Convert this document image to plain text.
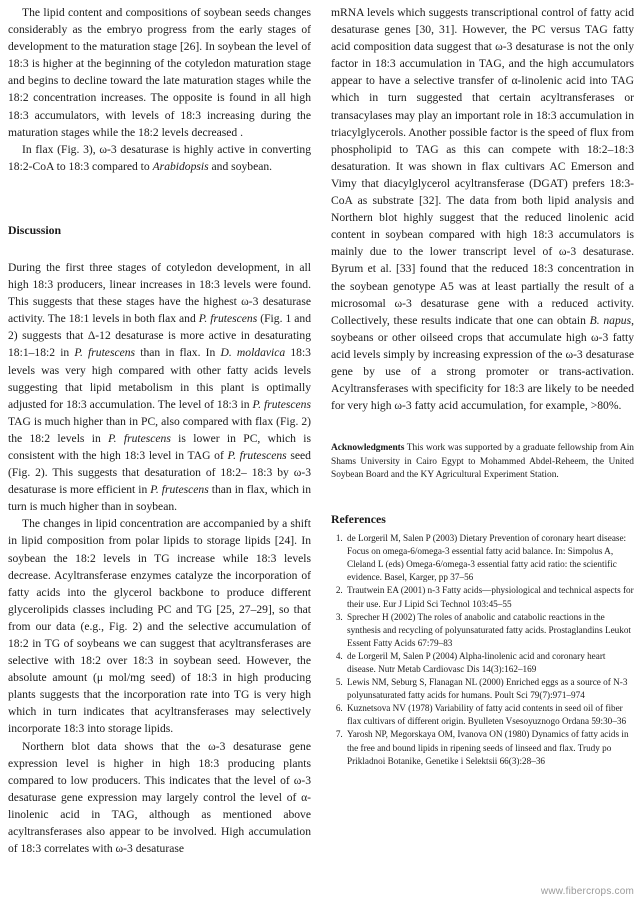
The lipid content and compositions of soybean seeds changes considerably as the embryo progress from the early stages of development to the maturation stage [26]. In soybean the level of 18:3 is higher at the beginning of the cotyledon maturation stage and begins to decline toward the late maturation stages while the 18:2 concentration increases. The opposite is found in all high 18:3 accumulators, with levels of 18:3 increasing during the maturation stages while the 18:2 levels decreased .

In flax (Fig. 3), ω-3 desaturase is highly active in converting 18:2-CoA to 18:3 compared to Arabidopsis and soybean.

Discussion

During the first three stages of cotyledon development, in all high 18:3 producers, linear increases in 18:3 levels were found. This suggests that these stages have the highest ω-3 desaturase activity. The 18:1 levels in both flax and P. frutescens (Fig. 1 and 2) suggests that Δ-12 desaturase is more active in desaturating 18:1–18:2 in P. frutescens than in flax. In D. moldavica 18:3 levels was very high compared with other fatty acids levels suggesting that lipid metabolism in this plant is optimally adjusted for 18:3 accumulation. The level of 18:3 in P. frutescens TAG is much higher than in PC, also compared with flax (Fig. 2) the 18:2 levels in P. frutescens is lower in PC, which is consistent with the high 18:3 level in TAG of P. frutescens seed (Fig. 2). This suggests that desaturation of 18:2– 18:3 by ω-3 desaturase is more efficient in P. frutescens than in flax, which in turn is much higher than in soybean.

The changes in lipid concentration are accompanied by a shift in lipid composition from polar lipids to storage lipids [24]. In soybean the 18:2 levels in TG increase while 18:3 levels decrease. Acyltransferase enzymes catalyze the incorporation of fatty acids into the glycerol backbone to produce different glycerolipids classes including PC and TG [25, 27–29], so that from our data (e.g., Fig. 2) and the selective accumulation of 18:2 in TG of soybeans we can suggest that acyltransferases are selective with 18:2 over 18:3 in soybean seed. However, the absolute amount (μ mol/mg seed) of 18:3 in high producing plants suggests that the incorporation rate into TG is very high which in turn indicates that acyltransferases may selectively incorporate 18:3 into storage lipids.

Northern blot data shows that the ω-3 desaturase gene expression level is higher in high 18:3 producing plants compared to low producers. This indicates that the level of ω-3 desaturase gene expression may largely control the level of α-linolenic acid in TAG, although as mentioned above acyltransferases also appear to be involved. High accumulation of 18:3 correlates with ω-3 desaturase

mRNA levels which suggests transcriptional control of fatty acid desaturase genes [30, 31]. However, the PC versus TAG fatty acid composition data suggest that ω-3 desaturase is not the only factor in 18:3 accumulation in TAG, and the high accumulators appear to have a selective transfer of α-linolenic acid into TAG which in turn suggested that certain acyltransferases or transacylases may play an important role in 18:3 accumulation in triacylglycerols. Another possible factor is the speed of flux from phospholipid to TAG as this can compete with 18:2–18:3 desaturation. It was shown in flax cultivars AC Emerson and Vimy that diacylglycerol acyltransferase (DGAT) prefers 18:3-CoA as substrate [32]. The data from both lipid analysis and Northern blot highly suggest that the reduced linolenic acid content in soybean compared with high 18:3 accumulators is mainly due to the lower transcript level of ω-3 desaturase. Byrum et al. [33] found that the reduced 18:3 concentration in the soybean genotype A5 was at least partially the result of a microsomal ω-3 desaturase gene with a reduced activity. Collectively, these results indicate that one can obtain B. napus, soybeans or other oilseed crops that accumulate high ω-3 fatty acid levels simply by increasing expression of the ω-3 desaturase gene by use of a strong promoter or trans-activation. Acyltransferases with specificity for 18:3 are likely to be needed for very high ω-3 fatty acid accumulation, for example, >80%.

Acknowledgments This work was supported by a graduate fellowship from Ain Shams University in Cairo Egypt to Mohammed Abdel-Reheem, the United Soybean Board and the KY Agricultural Experiment Station.

References
1. de Lorgeril M, Salen P (2003) Dietary Prevention of coronary heart disease: Focus on omega-6/omega-3 essential fatty acid balance. In: Simpolus A, Cleland L (eds) Omega-6/omega-3 essential fatty acid ratio: the scientific evidence. Basel, Karger, pp 37–56
2. Trautwein EA (2001) n-3 Fatty acids—physiological and technical aspects for their use. Eur J Lipid Sci Technol 103:45–55
3. Sprecher H (2002) The roles of anabolic and catabolic reactions in the synthesis and recycling of polyunsaturated fatty acids. Prostaglandins Leukot Essent Fatty Acids 67:79–83
4. de Lorgeril M, Salen P (2004) Alpha-linolenic acid and coronary heart disease. Nutr Metab Cardiovasc Dis 14(3):162–169
5. Lewis NM, Seburg S, Flanagan NL (2000) Enriched eggs as a source of N-3 polyunsaturated fatty acids for humans. Poult Sci 79(7):971–974
6. Kuznetsova NV (1978) Variability of fatty acid contents in seed oil of fiber flax cultivars of different origin. Byulleten Vsesoyuznogo Ordana 59:30–36
7. Yarosh NP, Megorskaya OM, Ivanova ON (1980) Dynamics of fatty acids in the free and bound lipids in ripening seeds of linseed and flax. Trudy po Prikladnoi Botanike, Genetike i Selektsii 66(3):28–36
www.fibercrops.com
